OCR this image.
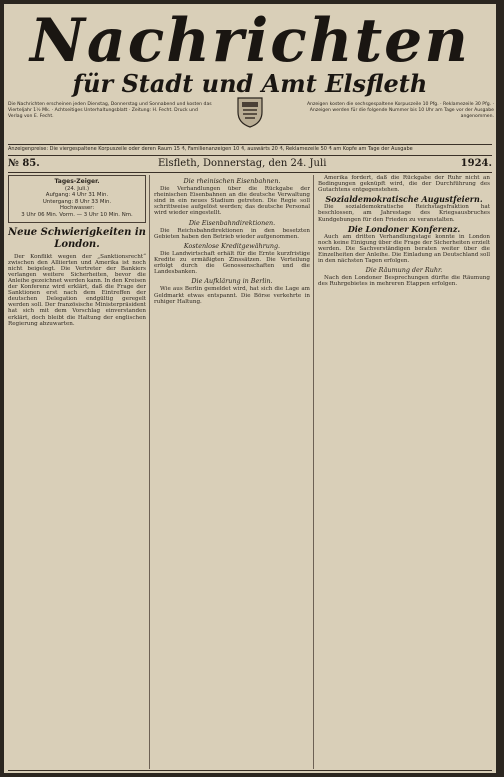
Nachrichten
für Stadt und Amt Elsfleth
Die Nachrichten erscheinen jeden Dienstag, Donnerstag und Sonnabend und kosten das Vierteljahr 1½ Mk. · Achtseitiges Unterhaltungsblatt · Zeitung: H. Fecht. Druck und Verlag von E. Fecht.
Anzeigen kosten die sechsgespaltene Korpuszeile 10 Pfg. · Reklamezeile 30 Pfg. · Anzeigen werden für die folgende Nummer bis 10 Uhr am Tage vor der Ausgabe angenommen.
Anzeigenpreise: Die viergespaltene Korpuszeile oder deren Raum 15 ₰, Familienanzeigen 10 ₰, auswärts 20 ₰, Reklamezeile 50 ₰ am Kopfe am Tage der Ausgabe
№ 85.	Elsfleth, Donnerstag, den 24. Juli	1924.
Tages-Zeiger.
(24. Juli.)
Aufgang: 4 Uhr 31 Min.
Untergang: 8 Uhr 33 Min.
Hochwasser:
3 Uhr 06 Min. Vorm. — 3 Uhr 10 Min. Nm.
Neue Schwierigkeiten in London.

Der Konflikt wegen der „Sanktionsrecht“ zwischen den Alliierten und Amerika ist noch nicht beigelegt. Die Vertreter der Bankiers verlangen weitere Sicherheiten, bevor die Anleihe gezeichnet werden kann. In den Kreisen der Konferenz wird erklärt, daß die Frage der Sanktionen erst nach dem Eintreffen der deutschen Delegation endgültig geregelt werden soll. Der französische Ministerpräsident hat sich mit dem Vorschlag einverstanden erklärt, doch bleibt die Haltung der englischen Regierung abzuwarten.

Die rheinischen Eisenbahnen.

Die Verhandlungen über die Rückgabe der rheinischen Eisenbahnen an die deutsche Verwaltung sind in ein neues Stadium getreten. Die Regie soll schrittweise aufgelöst werden; das deutsche Personal wird wieder eingestellt.

Die Eisenbahndirektionen.

Die Reichsbahndirektionen in den besetzten Gebieten haben den Betrieb wieder aufgenommen.

Kostenlose Kreditgewährung.

Die Landwirtschaft erhält für die Ernte kurzfristige Kredite zu ermäßigten Zinssätzen. Die Verteilung erfolgt durch die Genossenschaften und die Landesbanken.

Die Aufklärung in Berlin.

Wie aus Berlin gemeldet wird, hat sich die Lage am Geldmarkt etwas entspannt. Die Börse verkehrte in ruhiger Haltung.

Amerika fordert, daß die Rückgabe der Ruhr nicht an Bedingungen geknüpft wird, die der Durchführung des Gutachtens entgegenstehen.

Sozialdemokratische Augustfeiern.

Die sozialdemokratische Reichstagsfraktion hat beschlossen, am Jahrestage des Kriegsausbruches Kundgebungen für den Frieden zu veranstalten.

Die Londoner Konferenz.

Auch am dritten Verhandlungstage konnte in London noch keine Einigung über die Frage der Sicherheiten erzielt werden. Die Sachverständigen beraten weiter über die Einzelheiten der Anleihe. Die Einladung an Deutschland soll in den nächsten Tagen erfolgen.

Die Räumung der Ruhr.

Nach den Londoner Besprechungen dürfte die Räumung des Ruhrgebietes in mehreren Etappen erfolgen.
